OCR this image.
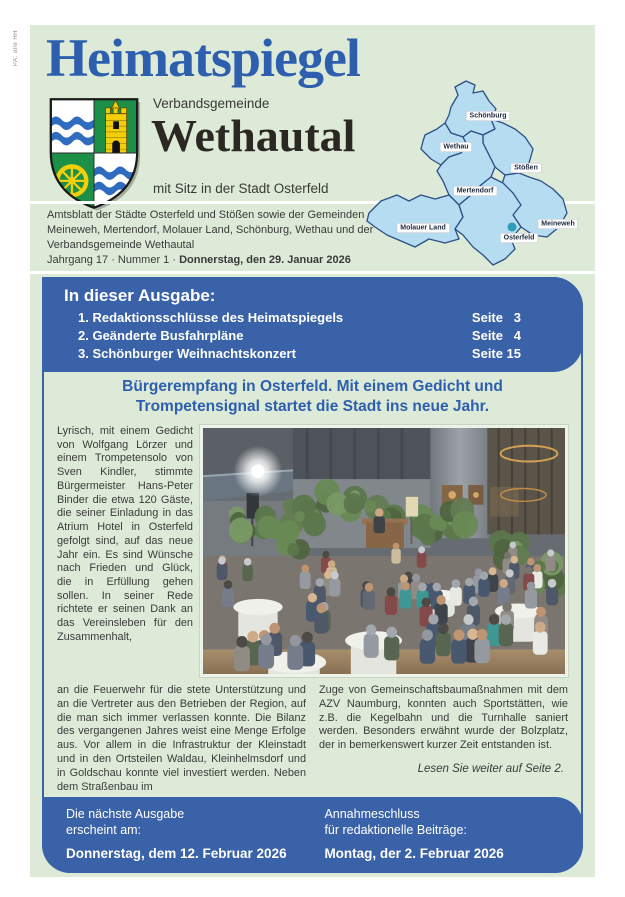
PA: alle HH Heimatspiegel
Verbandsgemeinde
Wethautal
mit Sitz in der Stadt Osterfeld
Amtsblatt der Städte Osterfeld und Stößen sowie der Gemeinden Meineweh, Mertendorf, Molauer Land, Schönburg, Wethau und der Verbandsgemeinde Wethautal
Jahrgang 17 · Nummer 1 · Donnerstag, den 29. Januar 2026
Schönburg
Wethau
Stößen
Mertendorf
Molauer Land
Meineweh
Osterfeld
In dieser Ausgabe:
1. Redaktionsschlüsse des Heimatspiegels	Seite 3
2. Geänderte Busfahrpläne	Seite 4
3. Schönburger Weihnachtskonzert	Seite 15
Bürgerempfang in Osterfeld. Mit einem Gedicht und Trompetensignal startet die Stadt ins neue Jahr.
Lyrisch, mit einem Gedicht von Wolfgang Lörzer und einem Trompetensolo von Sven Kindler, stimmte Bürgermeister Hans-Peter Binder die etwa 120 Gäste, die seiner Einladung in das Atrium Hotel in Osterfeld gefolgt sind, auf das neue Jahr ein. Es sind Wünsche nach Frieden und Glück, die in Erfüllung gehen sollen. In seiner Rede richtete er seinen Dank an das Vereinsleben für den Zusammenhalt,
an die Feuerwehr für die stete Unterstützung und an die Vertreter aus den Betrieben der Region, auf die man sich immer verlassen konnte. Die Bilanz des vergangenen Jahres weist eine Menge Erfolge aus. Vor allem in die Infrastruktur der Kleinstadt und in den Ortsteilen Waldau, Kleinhelmsdorf und in Goldschau konnte viel investiert werden. Neben dem Straßenbau im
Zuge von Gemeinschaftsbaumaßnahmen mit dem AZV Naumburg, konnten auch Sportstätten, wie z.B. die Kegelbahn und die Turnhalle saniert werden. Besonders erwähnt wurde der Bolzplatz, der in bemerkenswert kurzer Zeit entstanden ist.
Lesen Sie weiter auf Seite 2.
Die nächste Ausgabe
erscheint am:
Donnerstag, dem 12. Februar 2026
Annahmeschluss
für redaktionelle Beiträge:
Montag, der 2. Februar 2026
